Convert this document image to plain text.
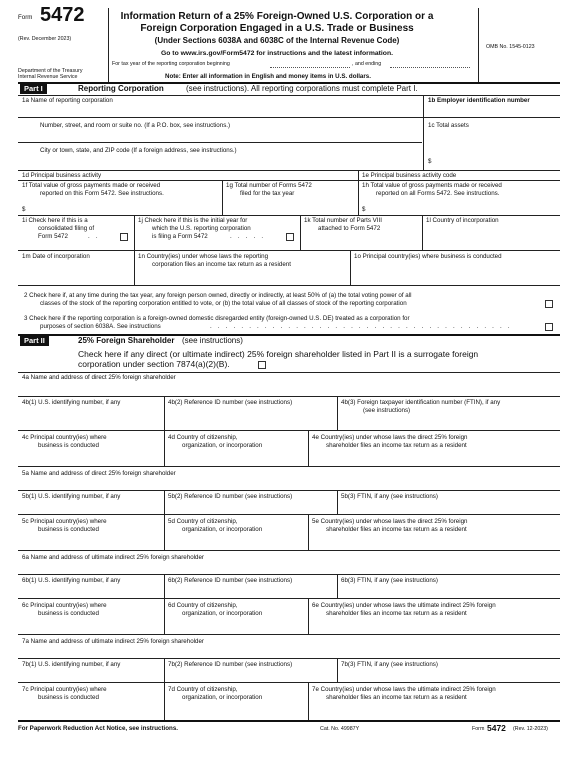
Form 5472
(Rev. December 2023)
Information Return of a 25% Foreign-Owned U.S. Corporation or a
Foreign Corporation Engaged in a U.S. Trade or Business
(Under Sections 6038A and 6038C of the Internal Revenue Code)
Go to www.irs.gov/Form5472 for instructions and the latest information.
For tax year of the reporting corporation beginning	, and ending
Department of the Treasury
Internal Revenue Service	Note: Enter all information in English and money items in U.S. dollars.
OMB No. 1545-0123
Part I	Reporting Corporation	(see instructions). All reporting corporations must complete Part I.
1a Name of reporting corporation	1b Employer identification number
Number, street, and room or suite no. (If a P.O. box, see instructions.)	1c Total assets
City or town, state, and ZIP code (If a foreign address, see instructions.)
$
1d Principal business activity	1e Principal business activity code
1f Total value of gross payments made or received
reported on this Form 5472. See instructions.
$
1g Total number of Forms 5472
filed for the tax year
1h Total value of gross payments made or received
reported on all Forms 5472. See instructions.
$
1i Check here if this is a
consolidated filing of
Form 5472	. .
1j Check here if this is the initial year for
which the U.S. reporting corporation
is filing a Form 5472	. . . . .
1k Total number of Parts VIII
attached to Form 5472
1l Country of incorporation
1m Date of incorporation	1n Country(ies) under whose laws the reporting
corporation files an income tax return as a resident
1o Principal country(ies) where business is conducted
2 Check here if, at any time during the tax year, any foreign person owned, directly or indirectly, at least 50% of (a) the total voting power of all
classes of the stock of the reporting corporation entitled to vote, or (b) the total value of all classes of stock of the reporting corporation
3 Check here if the reporting corporation is a foreign-owned domestic disregarded entity (foreign-owned U.S. DE) treated as a corporation for
purposes of section 6038A. See instructions	. . . . . . . . . . . . . . . . . . . . . . . . . . . . . . . . . . . . . . .
Part II	25% Foreign Shareholder (see instructions)
Check here if any direct (or ultimate indirect) 25% foreign shareholder listed in Part II is a surrogate foreign
corporation under section 7874(a)(2)(B).
4a Name and address of direct 25% foreign shareholder
4b(1) U.S. identifying number, if any	4b(2) Reference ID number (see instructions)	4b(3) Foreign taxpayer identification number (FTIN), if any
(see instructions)
4c Principal country(ies) where
business is conducted
4d Country of citizenship,
organization, or incorporation
4e Country(ies) under whose laws the direct 25% foreign
shareholder files an income tax return as a resident
5a Name and address of direct 25% foreign shareholder
5b(1) U.S. identifying number, if any	5b(2) Reference ID number (see instructions)	5b(3) FTIN, if any (see instructions)
5c Principal country(ies) where
business is conducted
5d Country of citizenship,
organization, or incorporation
5e Country(ies) under whose laws the direct 25% foreign
shareholder files an income tax return as a resident
6a Name and address of ultimate indirect 25% foreign shareholder
6b(1) U.S. identifying number, if any	6b(2) Reference ID number (see instructions)	6b(3) FTIN, if any (see instructions)
6c Principal country(ies) where
business is conducted
6d Country of citizenship,
organization, or incorporation
6e Country(ies) under whose laws the ultimate indirect 25% foreign
shareholder files an income tax return as a resident
7a Name and address of ultimate indirect 25% foreign shareholder
7b(1) U.S. identifying number, if any	7b(2) Reference ID number (see instructions)	7b(3) FTIN, if any (see instructions)
7c Principal country(ies) where
business is conducted
7d Country of citizenship,
organization, or incorporation
7e Country(ies) under whose laws the ultimate indirect 25% foreign
shareholder files an income tax return as a resident
For Paperwork Reduction Act Notice, see instructions.	Cat. No. 49987Y	Form 5472 (Rev. 12-2023)
